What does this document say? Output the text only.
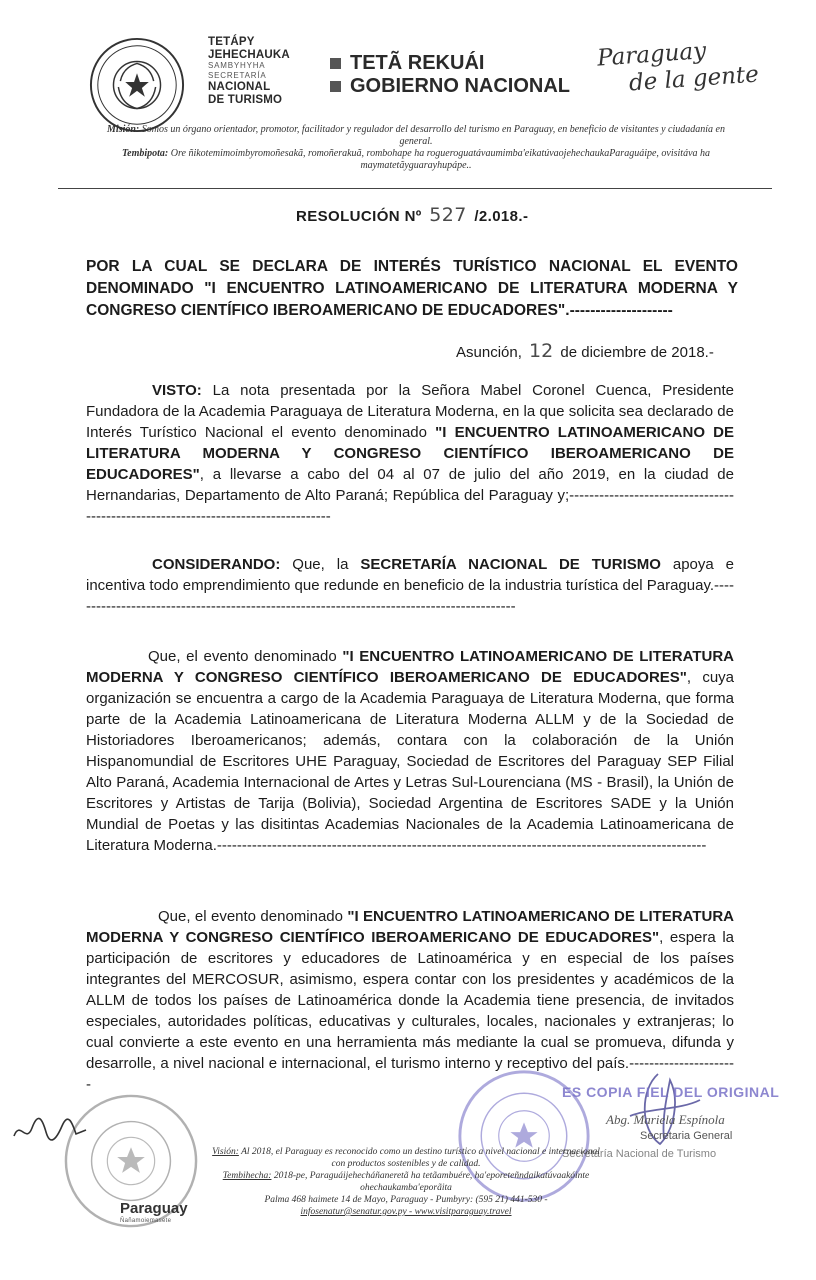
TETÁPY
JEHECHAUKA
SAMBYHYHA
SECRETARÍA
NACIONAL
DE TURISMO
TETÃ REKUÁI
GOBIERNO NACIONAL
Paraguay
de la gente
Misión: Somos un órgano orientador, promotor, facilitador y regulador del desarrollo del turismo en Paraguay, en beneficio de visitantes y ciudadanía en general.
Tembipota: Ore ñikotemimoimbyromoñesakã, romoñerakuã, rombohape ha rogueroguatávaumimba'eikatúvaojehechaukaParaguáipe, ovisitáva ha maymatetãyguarayhupápe..
RESOLUCIÓN Nº 527 /2.018.-
POR LA CUAL SE DECLARA DE INTERÉS TURÍSTICO NACIONAL EL EVENTO DENOMINADO "I ENCUENTRO LATINOAMERICANO DE LITERATURA MODERNA Y CONGRESO CIENTÍFICO IBEROAMERICANO DE EDUCADORES".--------------------
Asunción, 12 de diciembre de 2018.-
VISTO: La nota presentada por la Señora Mabel Coronel Cuenca, Presidente Fundadora de la Academia Paraguaya de Literatura Moderna, en la que solicita sea declarado de Interés Turístico Nacional el evento denominado "I ENCUENTRO LATINOAMERICANO DE LITERATURA MODERNA Y CONGRESO CIENTÍFICO IBEROAMERICANO DE EDUCADORES", a llevarse a cabo del 04 al 07 de julio del año 2019, en la ciudad de Hernandarias, Departamento de Alto Paraná; República del Paraguay y;----------------------------------------------------------------------------------
CONSIDERANDO: Que, la SECRETARÍA NACIONAL DE TURISMO apoya e incentiva todo emprendimiento que redunde en beneficio de la industria turística del Paraguay.------------------------------------------------------------------------------------------
Que, el evento denominado "I ENCUENTRO LATINOAMERICANO DE LITERATURA MODERNA Y CONGRESO CIENTÍFICO IBEROAMERICANO DE EDUCADORES", cuya organización se encuentra a cargo de la Academia Paraguaya de Literatura Moderna, que forma parte de la Academia Latinoamericana de Literatura Moderna ALLM y de la Sociedad de Historiadores Iberoamericanos; además, contara con la colaboración de la Unión Hispanomundial de Escritores UHE Paraguay, Sociedad de Escritores del Paraguay SEP Filial Alto Paraná, Academia Internacional de Artes y Letras Sul-Lourenciana (MS - Brasil), la Unión de Escritores y Artistas de Tarija (Bolivia), Sociedad Argentina de Escritores SADE y la Unión Mundial de Poetas y las disitintas Academias Nacionales de la Academia Latinoamericana de Literatura Moderna.--------------------------------------------------------------------------------------------------
Que, el evento denominado "I ENCUENTRO LATINOAMERICANO DE LITERATURA MODERNA Y CONGRESO CIENTÍFICO IBEROAMERICANO DE EDUCADORES", espera la participación de escritores y educadores de Latinoamérica y en especial de los países integrantes del MERCOSUR, asimismo, espera contar con los presidentes y académicos de la ALLM de todos los países de Latinoamérica donde la Academia tiene presencia, de invitados especiales, autoridades políticas, educativas y culturales, locales, nacionales y extranjeras; lo cual convierte a este evento en una herramienta más mediante la cual se promueva, difunda y desarrolle, a nivel nacional e internacional, el turismo interno y receptivo del país.----------------------	ES COPIA FIEL DEL ORIGINAL
Abg. Mariela Espínola
Secretaria General
Secretaría Nacional de Turismo
Visión: Al 2018, el Paraguay es reconocido como un destino turístico a nivel nacional e internacional con productos sostenibles y de calidad.
Tembihecha: 2018-pe, Paraguáijehecháñaneretã ha tetãambuére, ha'eporeteñndaikatúvaakóinte ohechaukamba'eporãita
Palma 468 haimete 14 de Mayo, Paraguay - Pumbyry: (595 21) 441-530 -
infosenatur@senatur.gov.py - www.visitparaguay.travel
Paraguay
Ñañamoiemasete
